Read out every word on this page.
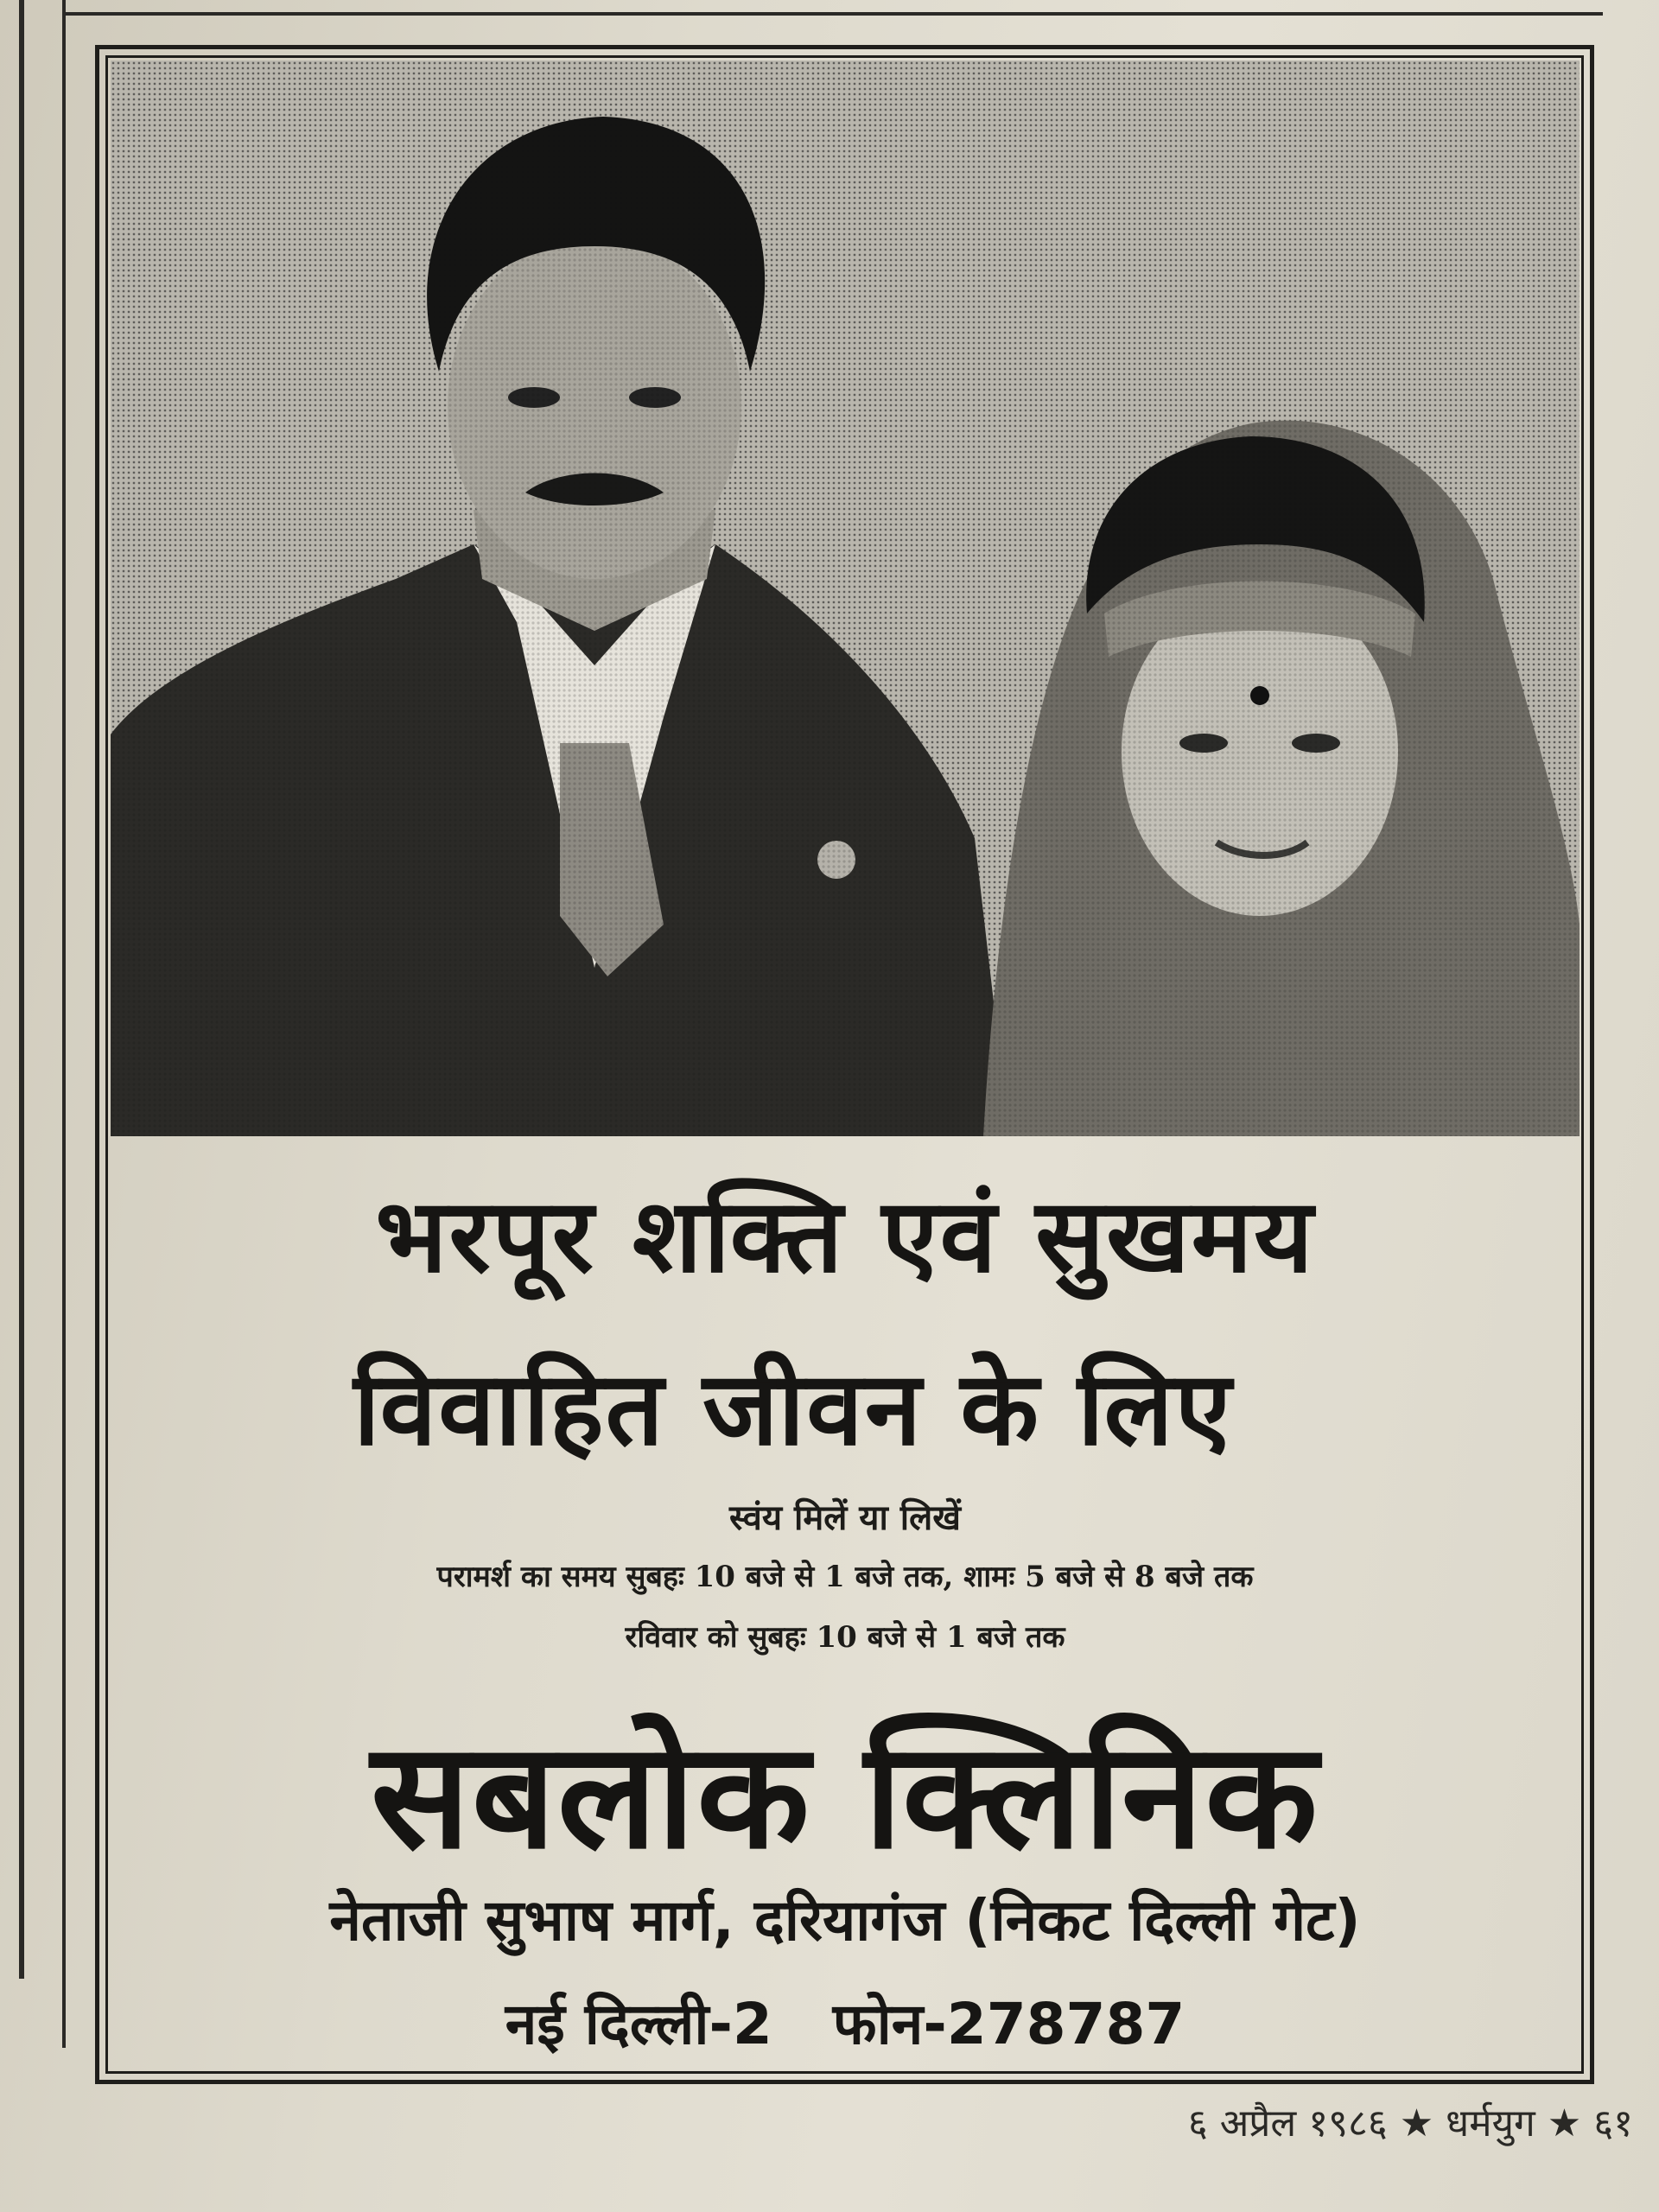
भरपूर शक्ति एवं सुखमय
विवाहित जीवन के लिए
स्वंय मिलें या लिखें
परामर्श का समय सुबहः 10 बजे से 1 बजे तक, शामः 5 बजे से 8 बजे तक
रविवार को सुबहः 10 बजे से 1 बजे तक
सबलोक क्लिनिक
नेताजी सुभाष मार्ग, दरियागंज (निकट दिल्ली गेट)
नई दिल्ली-2 फोन-278787
६ अप्रैल १९८६ ★ धर्मयुग ★ ६१
